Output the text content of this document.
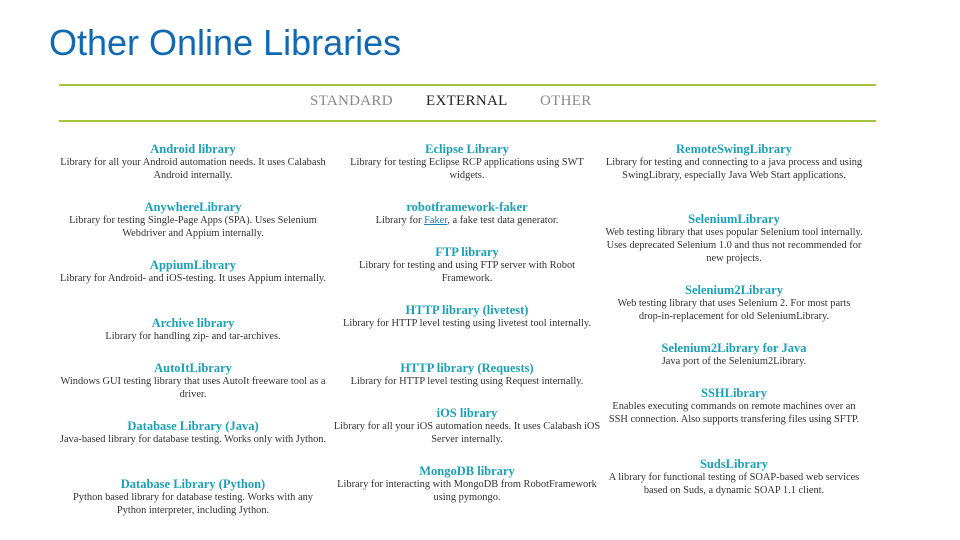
Other Online Libraries
STANDARD EXTERNAL OTHER
Android library
Library for all your Android automation needs. It uses Calabash Android internally.
AnywhereLibrary
Library for testing Single-Page Apps (SPA). Uses Selenium Webdriver and Appium internally.
AppiumLibrary
Library for Android- and iOS-testing. It uses Appium internally.
Archive library
Library for handling zip- and tar-archives.
AutoItLibrary
Windows GUI testing library that uses AutoIt freeware tool as a driver.
Database Library (Java)
Java-based library for database testing. Works only with Jython.
Database Library (Python)
Python based library for database testing. Works with any Python interpreter, including Jython.
Eclipse Library
Library for testing Eclipse RCP applications using SWT widgets.
robotframework-faker
Library for Faker, a fake test data generator.
FTP library
Library for testing and using FTP server with Robot Framework.
HTTP library (livetest)
Library for HTTP level testing using livetest tool internally.
HTTP library (Requests)
Library for HTTP level testing using Request internally.
iOS library
Library for all your iOS automation needs. It uses Calabash iOS Server internally.
MongoDB library
Library for interacting with MongoDB from RobotFramework using pymongo.
RemoteSwingLibrary
Library for testing and connecting to a java process and using SwingLibrary, especially Java Web Start applications.
SeleniumLibrary
Web testing library that uses popular Selenium tool internally. Uses deprecated Selenium 1.0 and thus not recommended for new projects.
Selenium2Library
Web testing library that uses Selenium 2. For most parts drop-in-replacement for old SeleniumLibrary.
Selenium2Library for Java
Java port of the Selenium2Library.
SSHLibrary
Enables executing commands on remote machines over an SSH connection. Also supports transfering files using SFTP.
SudsLibrary
A library for functional testing of SOAP-based web services based on Suds, a dynamic SOAP 1.1 client.
